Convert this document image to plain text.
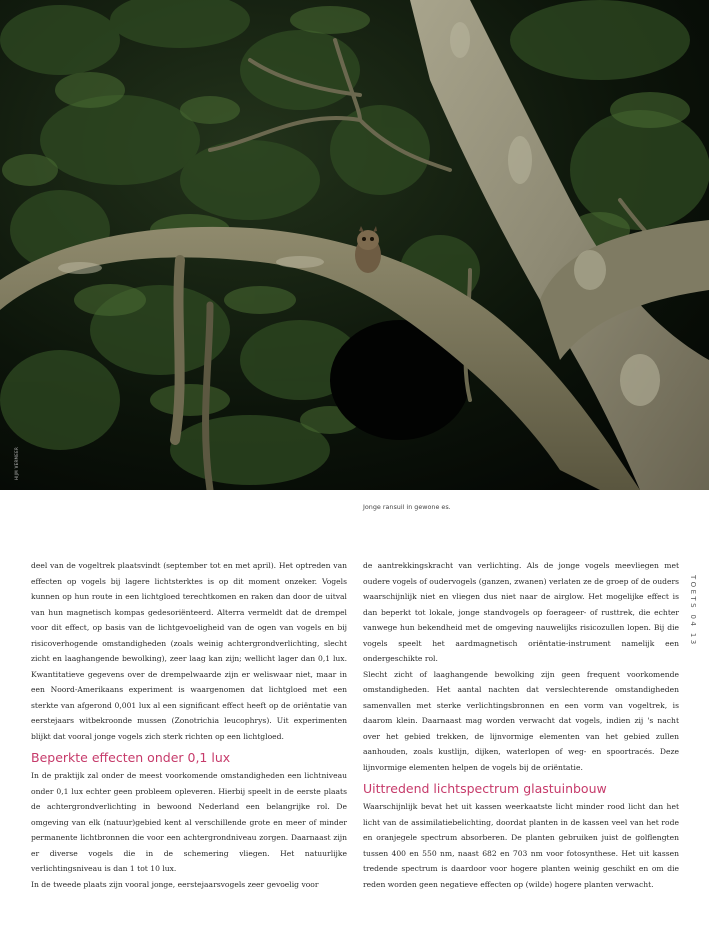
HIJM VERMEER
Jonge ransuil in gewone es.
TOETS 04 13

deel van de vogeltrek plaatsvindt (september tot en met april). Het optreden van effecten op vogels bij lagere lichtsterktes is op dit moment onzeker. Vogels kunnen op hun route in een lichtgloed terechtkomen en raken dan door de uitval van hun magnetisch kompas gedesoriënteerd. Alterra vermeldt dat de drempel voor dit effect, op basis van de lichtgevoeligheid van de ogen van vogels en bij risicoverhogende omstandigheden (zoals weinig achtergrondverlichting, slecht zicht en laaghangende bewolking), zeer laag kan zijn; wellicht lager dan 0,1 lux. Kwantitatieve gegevens over de drempelwaarde zijn er weliswaar niet, maar in een Noord-Amerikaans experiment is waargenomen dat lichtgloed met een sterkte van afgerond 0,001 lux al een significant effect heeft op de oriëntatie van eerstejaars witbekroonde mussen (Zonotrichia leucophrys). Uit experimenten blijkt dat vooral jonge vogels zich sterk richten op een lichtgloed.

Beperkte effecten onder 0,1 lux

In de praktijk zal onder de meest voorkomende omstandigheden een lichtniveau onder 0,1 lux echter geen probleem opleveren. Hierbij speelt in de eerste plaats de achtergrondverlichting in bewoond Nederland een belangrijke rol. De omgeving van elk (natuur)gebied kent al verschillende grote en meer of minder permanente lichtbronnen die voor een achtergrondniveau zorgen. Daarnaast zijn er diverse vogels die in de schemering vliegen. Het natuurlijke verlichtingsniveau is dan 1 tot 10 lux.

In de tweede plaats zijn vooral jonge, eerstejaarsvogels zeer gevoelig voor

de aantrekkingskracht van verlichting. Als de jonge vogels meevliegen met oudere vogels of oudervogels (ganzen, zwanen) verlaten ze de groep of de ouders waarschijnlijk niet en vliegen dus niet naar de airglow. Het mogelijke effect is dan beperkt tot lokale, jonge standvogels op foerageer- of rusttrek, die echter vanwege hun bekendheid met de omgeving nauwelijks risicozullen lopen. Bij die vogels speelt het aardmagnetisch oriëntatie-instrument namelijk een ondergeschikte rol.

Slecht zicht of laaghangende bewolking zijn geen frequent voorkomende omstandigheden. Het aantal nachten dat verslechterende omstandigheden samenvallen met sterke verlichtingsbronnen en een vorm van vogeltrek, is daarom klein. Daarnaast mag worden verwacht dat vogels, indien zij 's nacht over het gebied trekken, de lijnvormige elementen van het gebied zullen aanhouden, zoals kustlijn, dijken, waterlopen of weg- en spoortracés. Deze lijnvormige elementen helpen de vogels bij de oriëntatie.

Uittredend lichtspectrum glastuinbouw

Waarschijnlijk bevat het uit kassen weerkaatste licht minder rood licht dan het licht van de assimilatiebelichting, doordat planten in de kassen veel van het rode en oranjegele spectrum absorberen. De planten gebruiken juist de golflengten tussen 400 en 550 nm, naast 682 en 703 nm voor fotosynthese. Het uit kassen tredende spectrum is daardoor voor hogere planten weinig geschikt en om die reden worden geen negatieve effecten op (wilde) hogere planten verwacht.
